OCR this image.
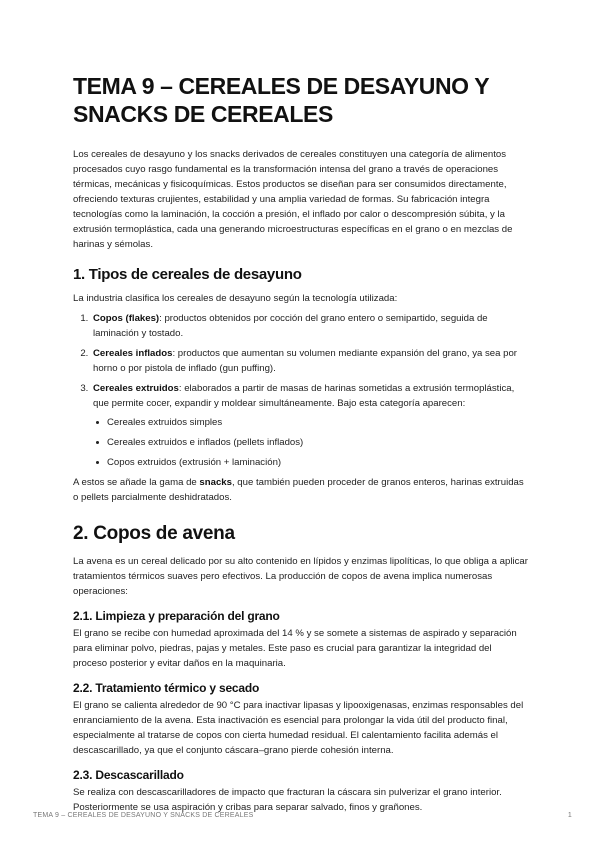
TEMA 9 – CEREALES DE DESAYUNO Y SNACKS DE CEREALES

Los cereales de desayuno y los snacks derivados de cereales constituyen una categoría de alimentos procesados cuyo rasgo fundamental es la transformación intensa del grano a través de operaciones térmicas, mecánicas y fisicoquímicas. Estos productos se diseñan para ser consumidos directamente, ofreciendo texturas crujientes, estabilidad y una amplia variedad de formas. Su fabricación integra tecnologías como la laminación, la cocción a presión, el inflado por calor o descompresión súbita, y la extrusión termoplástica, cada una generando microestructuras específicas en el grano o en mezclas de harinas y sémolas.

1. Tipos de cereales de desayuno

La industria clasifica los cereales de desayuno según la tecnología utilizada:

1. Copos (flakes): productos obtenidos por cocción del grano entero o semipartido, seguida de laminación y tostado.
2. Cereales inflados: productos que aumentan su volumen mediante expansión del grano, ya sea por horno o por pistola de inflado (gun puffing).
3. Cereales extruidos: elaborados a partir de masas de harinas sometidas a extrusión termoplástica, que permite cocer, expandir y moldear simultáneamente. Bajo esta categoría aparecen:
Cereales extruidos simples
Cereales extruidos e inflados (pellets inflados)
Copos extruidos (extrusión + laminación)

A estos se añade la gama de snacks, que también pueden proceder de granos enteros, harinas extruidas o pellets parcialmente deshidratados.

2. Copos de avena

La avena es un cereal delicado por su alto contenido en lípidos y enzimas lipolíticas, lo que obliga a aplicar tratamientos térmicos suaves pero efectivos. La producción de copos de avena implica numerosas operaciones:

2.1. Limpieza y preparación del grano

El grano se recibe con humedad aproximada del 14 % y se somete a sistemas de aspirado y separación para eliminar polvo, piedras, pajas y metales. Este paso es crucial para garantizar la integridad del proceso posterior y evitar daños en la maquinaria.

2.2. Tratamiento térmico y secado

El grano se calienta alrededor de 90 °C para inactivar lipasas y lipooxigenasas, enzimas responsables del enranciamiento de la avena. Esta inactivación es esencial para prolongar la vida útil del producto final, especialmente al tratarse de copos con cierta humedad residual. El calentamiento facilita además el descascarillado, ya que el conjunto cáscara–grano pierde cohesión interna.

2.3. Descascarillado

Se realiza con descascarilladores de impacto que fracturan la cáscara sin pulverizar el grano interior. Posteriormente se usa aspiración y cribas para separar salvado, finos y grañones.

TEMA 9 – CEREALES DE DESAYUNO Y SNACKS DE CEREALES	1
